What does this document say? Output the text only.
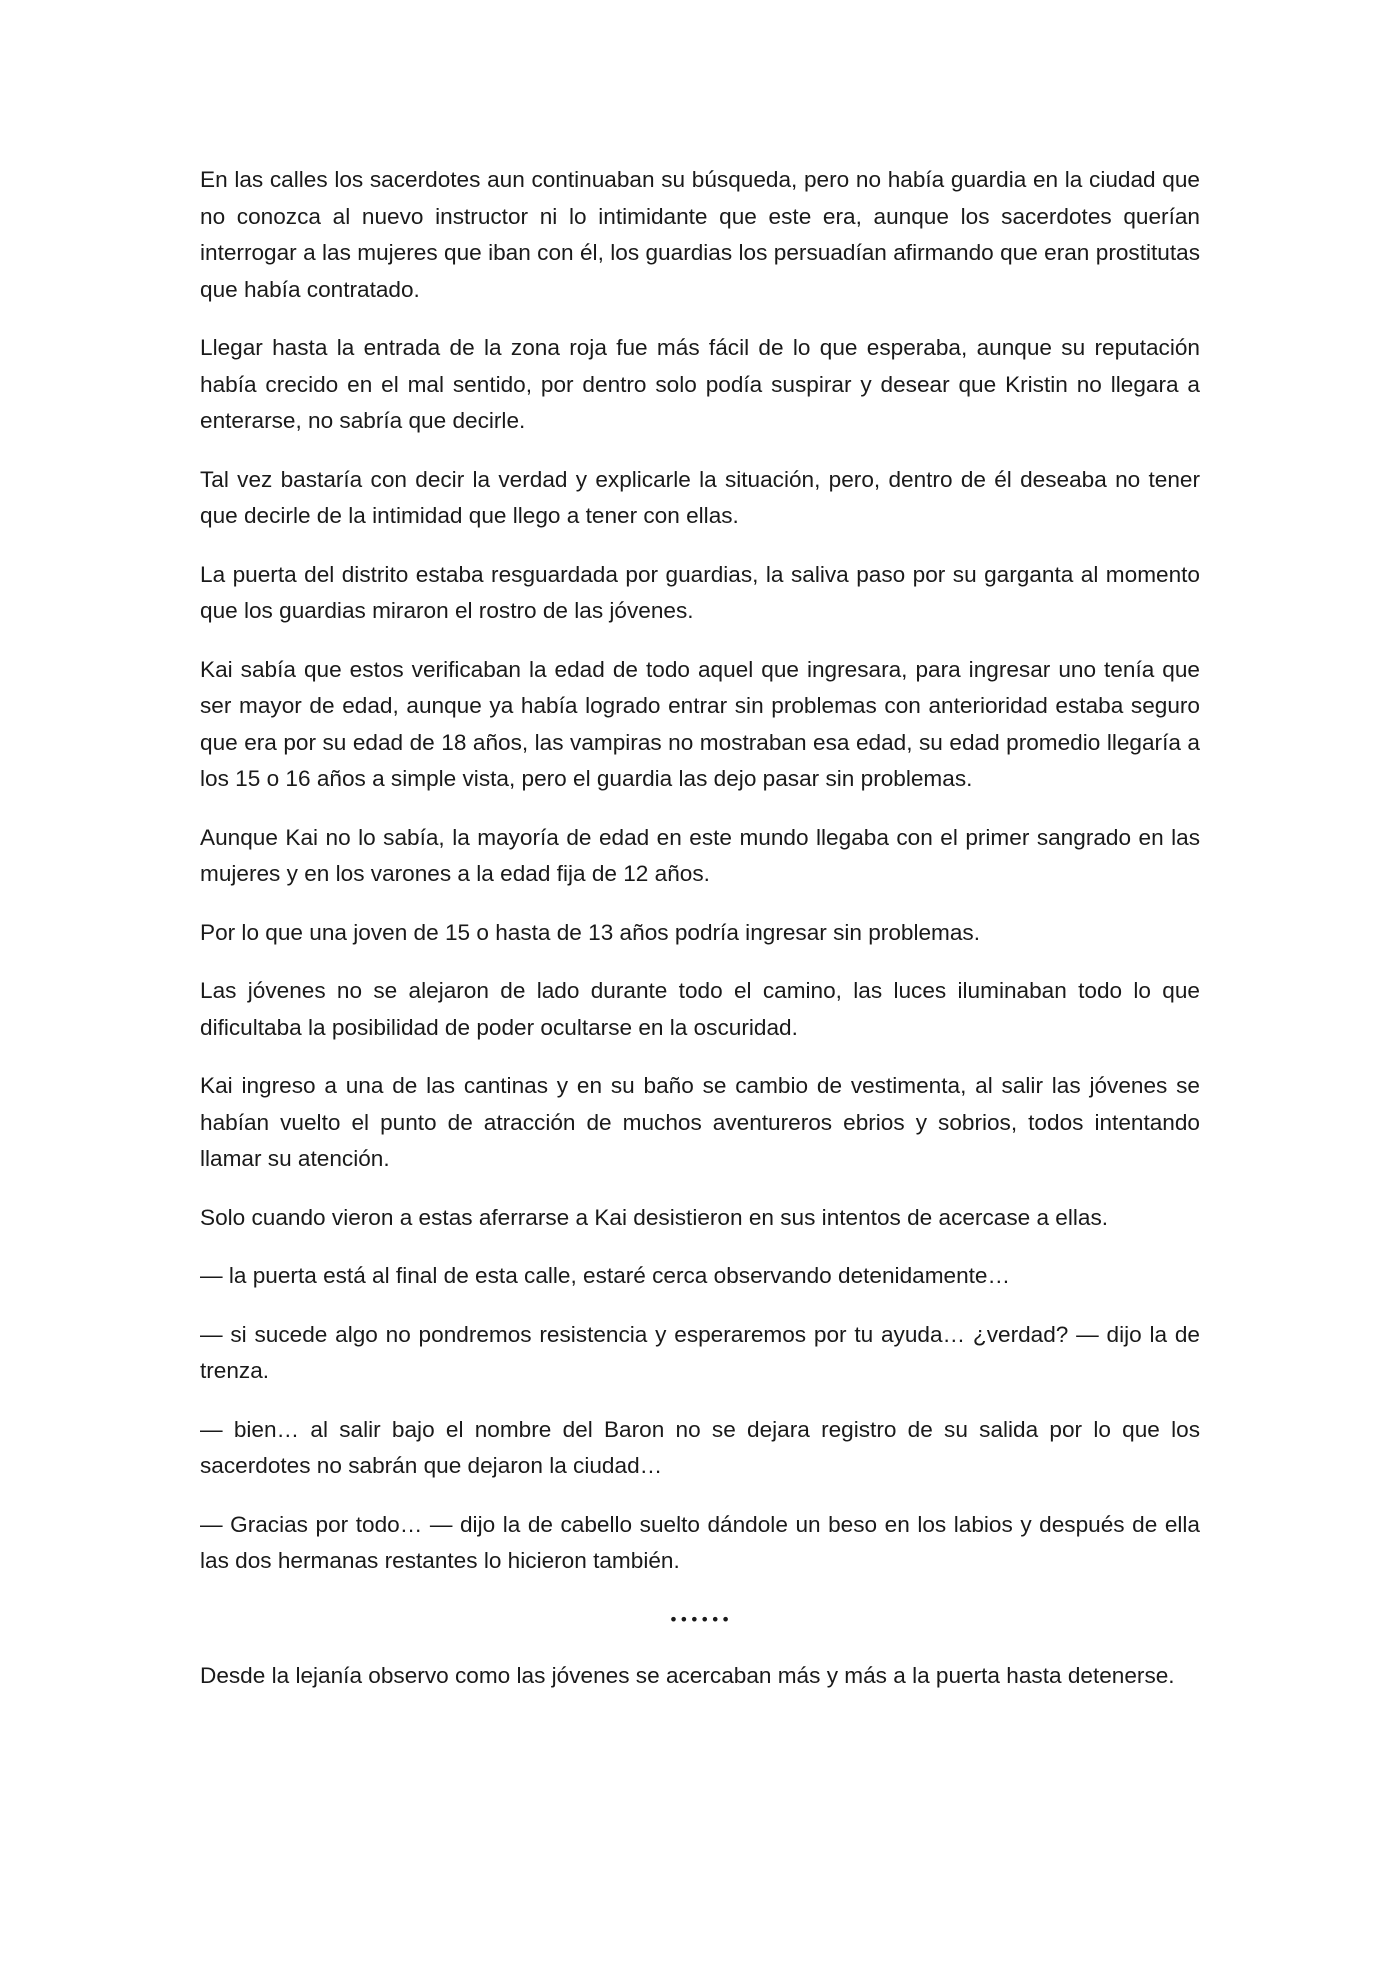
En las calles los sacerdotes aun continuaban su búsqueda, pero no había guardia en la ciudad que no conozca al nuevo instructor ni lo intimidante que este era, aunque los sacerdotes querían interrogar a las mujeres que iban con él, los guardias los persuadían afirmando que eran prostitutas que había contratado.

Llegar hasta la entrada de la zona roja fue más fácil de lo que esperaba, aunque su reputación había crecido en el mal sentido, por dentro solo podía suspirar y desear que Kristin no llegara a enterarse, no sabría que decirle.

Tal vez bastaría con decir la verdad y explicarle la situación, pero, dentro de él deseaba no tener que decirle de la intimidad que llego a tener con ellas.

La puerta del distrito estaba resguardada por guardias, la saliva paso por su garganta al momento que los guardias miraron el rostro de las jóvenes.

Kai sabía que estos verificaban la edad de todo aquel que ingresara, para ingresar uno tenía que ser mayor de edad, aunque ya había logrado entrar sin problemas con anterioridad estaba seguro que era por su edad de 18 años, las vampiras no mostraban esa edad, su edad promedio llegaría a los 15 o 16 años a simple vista, pero el guardia las dejo pasar sin problemas.

Aunque Kai no lo sabía, la mayoría de edad en este mundo llegaba con el primer sangrado en las mujeres y en los varones a la edad fija de 12 años.

Por lo que una joven de 15 o hasta de 13 años podría ingresar sin problemas.

Las jóvenes no se alejaron de lado durante todo el camino, las luces iluminaban todo lo que dificultaba la posibilidad de poder ocultarse en la oscuridad.

Kai ingreso a una de las cantinas y en su baño se cambio de vestimenta, al salir las jóvenes se habían vuelto el punto de atracción de muchos aventureros ebrios y sobrios, todos intentando llamar su atención.

Solo cuando vieron a estas aferrarse a Kai desistieron en sus intentos de acercase a ellas.

— la puerta está al final de esta calle, estaré cerca observando detenidamente…

— si sucede algo no pondremos resistencia y esperaremos por tu ayuda… ¿verdad? — dijo la de trenza.

— bien… al salir bajo el nombre del Baron no se dejara registro de su salida por lo que los sacerdotes no sabrán que dejaron la ciudad…

— Gracias por todo… — dijo la de cabello suelto dándole un beso en los labios y después de ella las dos hermanas restantes lo hicieron también.

••••••

Desde la lejanía observo como las jóvenes se acercaban más y más a la puerta hasta detenerse.
